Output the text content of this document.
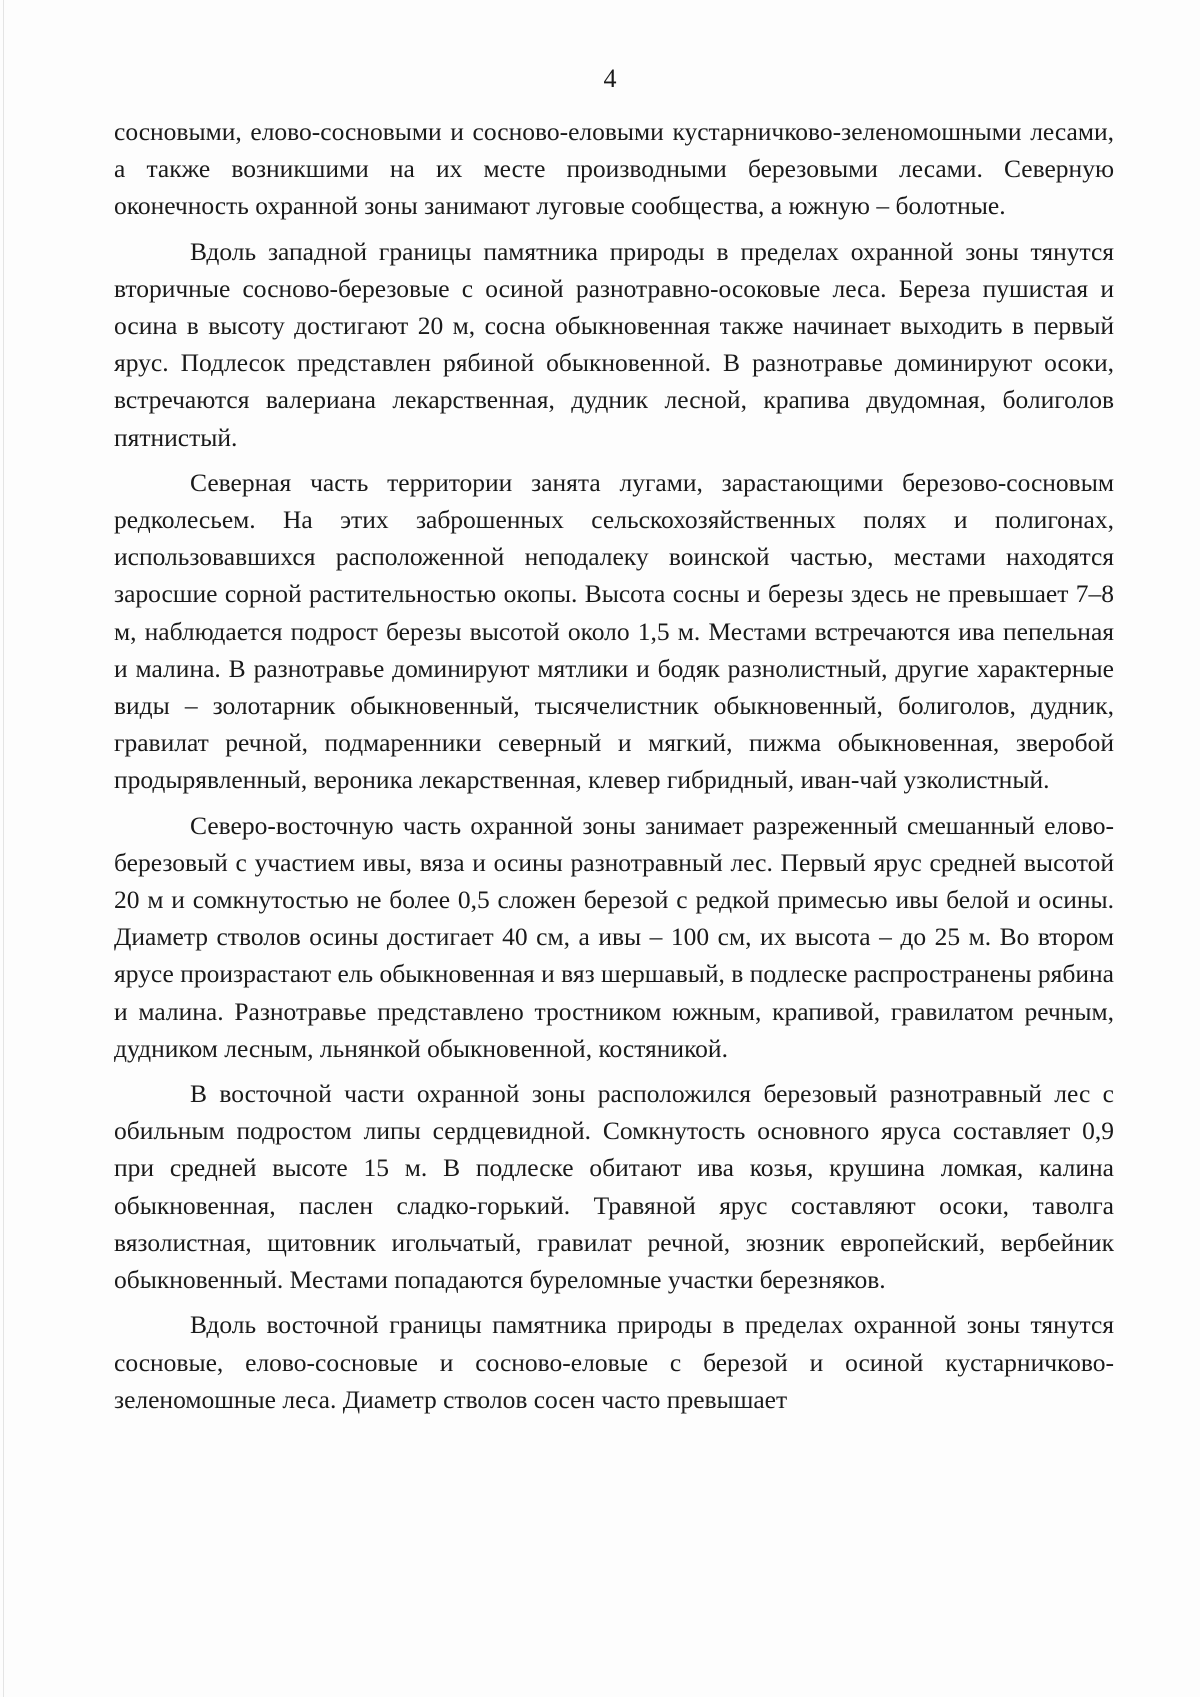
4

сосновыми, елово-сосновыми и сосново-еловыми кустарничково-зеленомошными лесами, а также возникшими на их месте производными березовыми лесами. Северную оконечность охранной зоны занимают луговые сообщества, а южную – болотные.

Вдоль западной границы памятника природы в пределах охранной зоны тянутся вторичные сосново-березовые с осиной разнотравно-осоковые леса. Береза пушистая и осина в высоту достигают 20 м, сосна обыкновенная также начинает выходить в первый ярус. Подлесок представлен рябиной обыкновенной. В разнотравье доминируют осоки, встречаются валериана лекарственная, дудник лесной, крапива двудомная, болиголов пятнистый.

Северная часть территории занята лугами, зарастающими березово-сосновым редколесьем. На этих заброшенных сельскохозяйственных полях и полигонах, использовавшихся расположенной неподалеку воинской частью, местами находятся заросшие сорной растительностью окопы. Высота сосны и березы здесь не превышает 7–8 м, наблюдается подрост березы высотой около 1,5 м. Местами встречаются ива пепельная и малина. В разнотравье доминируют мятлики и бодяк разнолистный, другие характерные виды – золотарник обыкновенный, тысячелистник обыкновенный, болиголов, дудник, гравилат речной, подмаренники северный и мягкий, пижма обыкновенная, зверобой продырявленный, вероника лекарственная, клевер гибридный, иван-чай узколистный.

Северо-восточную часть охранной зоны занимает разреженный смешанный елово-березовый с участием ивы, вяза и осины разнотравный лес. Первый ярус средней высотой 20 м и сомкнутостью не более 0,5 сложен березой с редкой примесью ивы белой и осины. Диаметр стволов осины достигает 40 см, а ивы – 100 см, их высота – до 25 м. Во втором ярусе произрастают ель обыкновенная и вяз шершавый, в подлеске распространены рябина и малина. Разнотравье представлено тростником южным, крапивой, гравилатом речным, дудником лесным, льнянкой обыкновенной, костяникой.

В восточной части охранной зоны расположился березовый разнотравный лес с обильным подростом липы сердцевидной. Сомкнутость основного яруса составляет 0,9 при средней высоте 15 м. В подлеске обитают ива козья, крушина ломкая, калина обыкновенная, паслен сладко-горький. Травяной ярус составляют осоки, таволга вязолистная, щитовник игольчатый, гравилат речной, зюзник европейский, вербейник обыкновенный. Местами попадаются буреломные участки березняков.

Вдоль восточной границы памятника природы в пределах охранной зоны тянутся сосновые, елово-сосновые и сосново-еловые с березой и осиной кустарничково-зеленомошные леса. Диаметр стволов сосен часто превышает
